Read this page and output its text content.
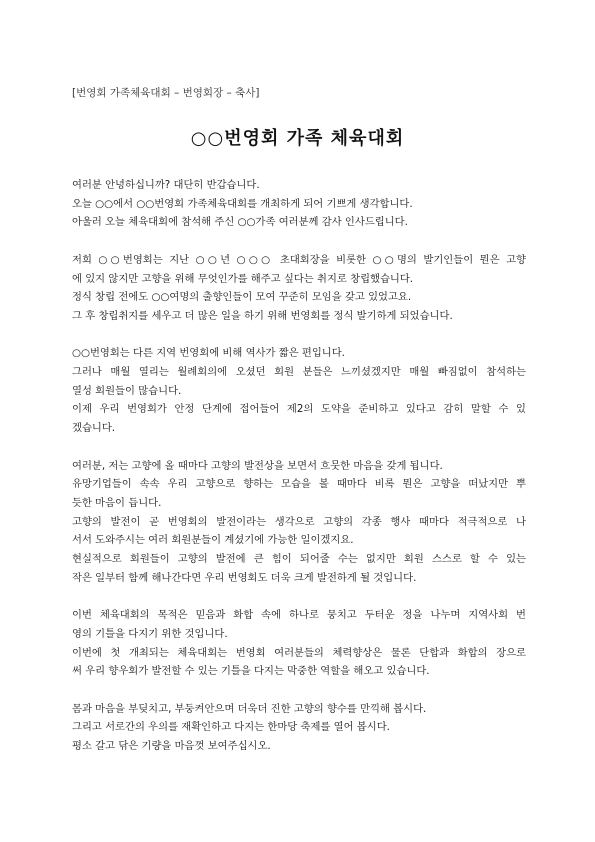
[번영회 가족체육대회 – 번영회장 – 축사]
○○번영회 가족 체육대회
여러분 안녕하십니까? 대단히 반갑습니다.
오늘 ○○에서 ○○번영회 가족체육대회를 개최하게 되어 기쁘게 생각합니다.
아울러 오늘 체육대회에 참석해 주신 ○○가족 여러분께 감사 인사드립니다.
저희 ○○번영회는 지난 ○○년 ○○○ 초대회장을 비롯한 ○○명의 발기인들이 뭔은 고향
에 있지 않지만 고향을 위해 무엇인가를 해주고 싶다는 취지로 창립했습니다.
정식 창립 전에도 ○○여명의 출향인들이 모여 꾸준히 모임을 갖고 있었고요.
그 후 창립취지를 세우고 더 많은 일을 하기 위해 번영회를 정식 발기하게 되었습니다.
○○번영회는 다른 지역 번영회에 비해 역사가 짧은 편입니다.
그러나 매월 열리는 월례회의에 오셨던 회원 분들은 느끼셨겠지만 매월 빠짐없이 참석하는
열성 회원들이 많습니다.
이제 우리 번영회가 안정 단계에 접어들어 제2의 도약을 준비하고 있다고 감히 말할 수 있
겠습니다.
여러분, 저는 고향에 올 때마다 고향의 발전상을 보면서 흐뭇한 마음을 갖게 됩니다.
유망기업들이 속속 우리 고향으로 향하는 모습을 볼 때마다 비록 뭔은 고향을 떠났지만 뿌
듯한 마음이 듭니다.
고향의 발전이 곧 번영회의 발전이라는 생각으로 고향의 각종 행사 때마다 적극적으로 나
서서 도와주시는 여러 회원분들이 계셨기에 가능한 일이겠지요.
현실적으로 회원들이 고향의 발전에 큰 힘이 되어줄 수는 없지만 회원 스스로 할 수 있는
작은 일부터 함께 해나간다면 우리 번영회도 더욱 크게 발전하게 될 것입니다.
이번 체육대회의 목적은 믿음과 화합 속에 하나로 뭉치고 두터운 정을 나누며 지역사회 번
영의 기틀을 다지기 위한 것입니다.
이번에 첫 개최되는 체육대회는 번영회 여러분들의 체력향상은 물론 단합과 화합의 장으로
써 우리 향우회가 발전할 수 있는 기틀을 다지는 막중한 역할을 해오고 있습니다.
몸과 마음을 부딪치고, 부둥켜안으며 더욱더 진한 고향의 향수를 만끽해 봅시다.
그리고 서로간의 우의를 재확인하고 다지는 한마당 축제를 열어 봅시다.
평소 갈고 닦은 기량을 마음껏 보여주십시오.
